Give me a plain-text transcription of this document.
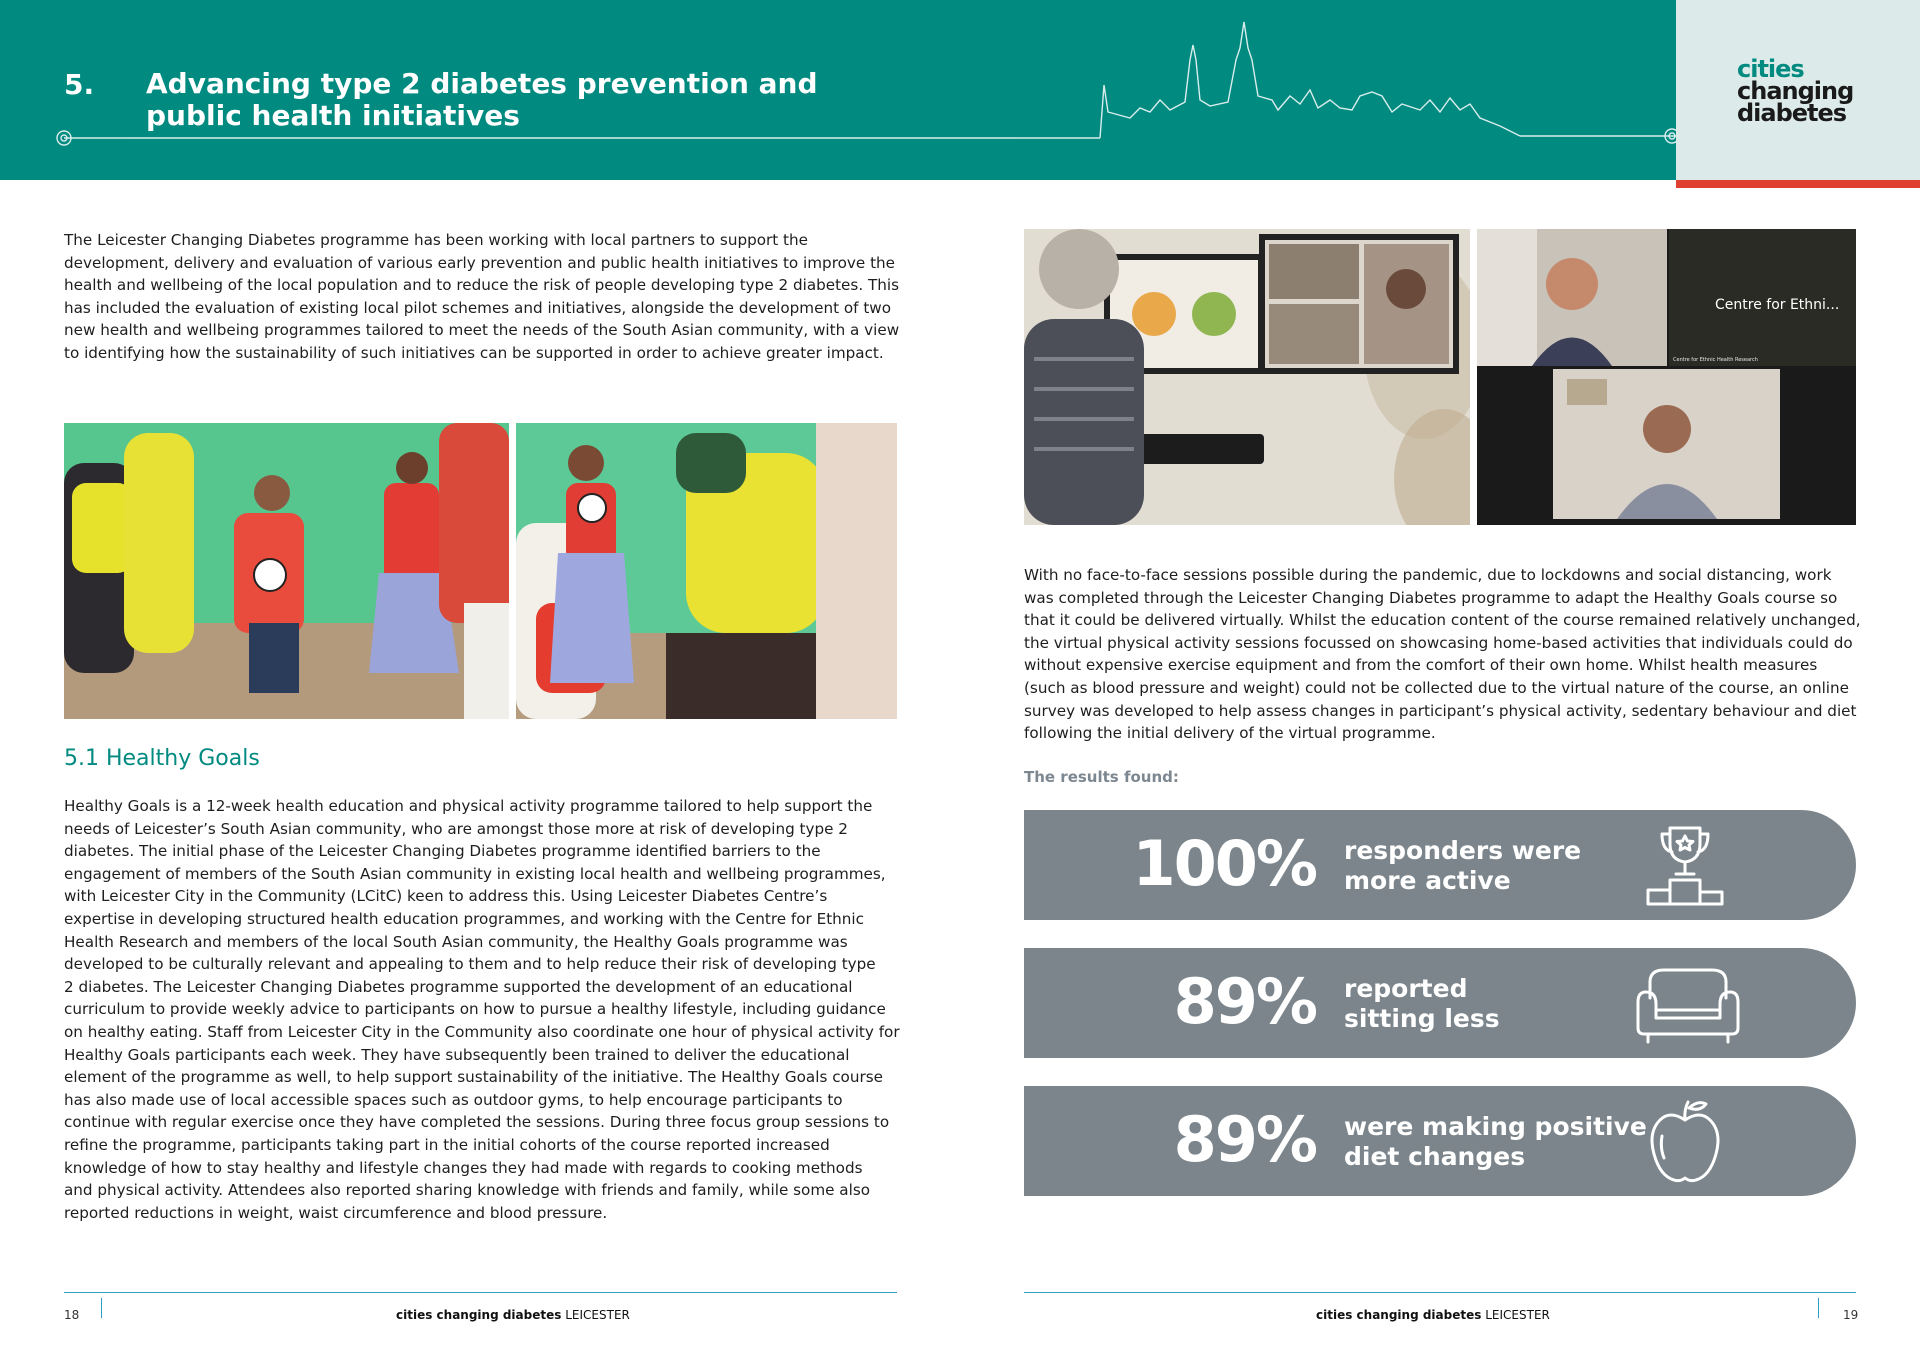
5. Advancing type 2 diabetes prevention and public health initiatives
cities
changing
diabetes

The Leicester Changing Diabetes programme has been working with local partners to support the
development, delivery and evaluation of various early prevention and public health initiatives to improve the
health and wellbeing of the local population and to reduce the risk of people developing type 2 diabetes. This
has included the evaluation of existing local pilot schemes and initiatives, alongside the development of two
new health and wellbeing programmes tailored to meet the needs of the South Asian community, with a view
to identifying how the sustainability of such initiatives can be supported in order to achieve greater impact.

5.1 Healthy Goals

Healthy Goals is a 12-week health education and physical activity programme tailored to help support the
needs of Leicester’s South Asian community, who are amongst those more at risk of developing type 2
diabetes. The initial phase of the Leicester Changing Diabetes programme identified barriers to the
engagement of members of the South Asian community in existing local health and wellbeing programmes,
with Leicester City in the Community (LCitC) keen to address this. Using Leicester Diabetes Centre’s
expertise in developing structured health education programmes, and working with the Centre for Ethnic
Health Research and members of the local South Asian community, the Healthy Goals programme was
developed to be culturally relevant and appealing to them and to help reduce their risk of developing type
2 diabetes. The Leicester Changing Diabetes programme supported the development of an educational
curriculum to provide weekly advice to participants on how to pursue a healthy lifestyle, including guidance
on healthy eating. Staff from Leicester City in the Community also coordinate one hour of physical activity for
Healthy Goals participants each week. They have subsequently been trained to deliver the educational
element of the programme as well, to help support sustainability of the initiative. The Healthy Goals course
has also made use of local accessible spaces such as outdoor gyms, to help encourage participants to
continue with regular exercise once they have completed the sessions. During three focus group sessions to
refine the programme, participants taking part in the initial cohorts of the course reported increased
knowledge of how to stay healthy and lifestyle changes they had made with regards to cooking methods
and physical activity. Attendees also reported sharing knowledge with friends and family, while some also
reported reductions in weight, waist circumference and blood pressure.

Centre for Ethni...
Centre for Ethnic Health Research

With no face-to-face sessions possible during the pandemic, due to lockdowns and social distancing, work
was completed through the Leicester Changing Diabetes programme to adapt the Healthy Goals course so
that it could be delivered virtually. Whilst the education content of the course remained relatively unchanged,
the virtual physical activity sessions focussed on showcasing home-based activities that individuals could do
without expensive exercise equipment and from the comfort of their own home. Whilst health measures
(such as blood pressure and weight) could not be collected due to the virtual nature of the course, an online
survey was developed to help assess changes in participant’s physical activity, sedentary behaviour and diet
following the initial delivery of the virtual programme.

The results found:
100% responders were
more active
89% reported
sitting less
89% were making positive
diet changes
18	19
cities changing diabetes LEICESTER	cities changing diabetes LEICESTER
